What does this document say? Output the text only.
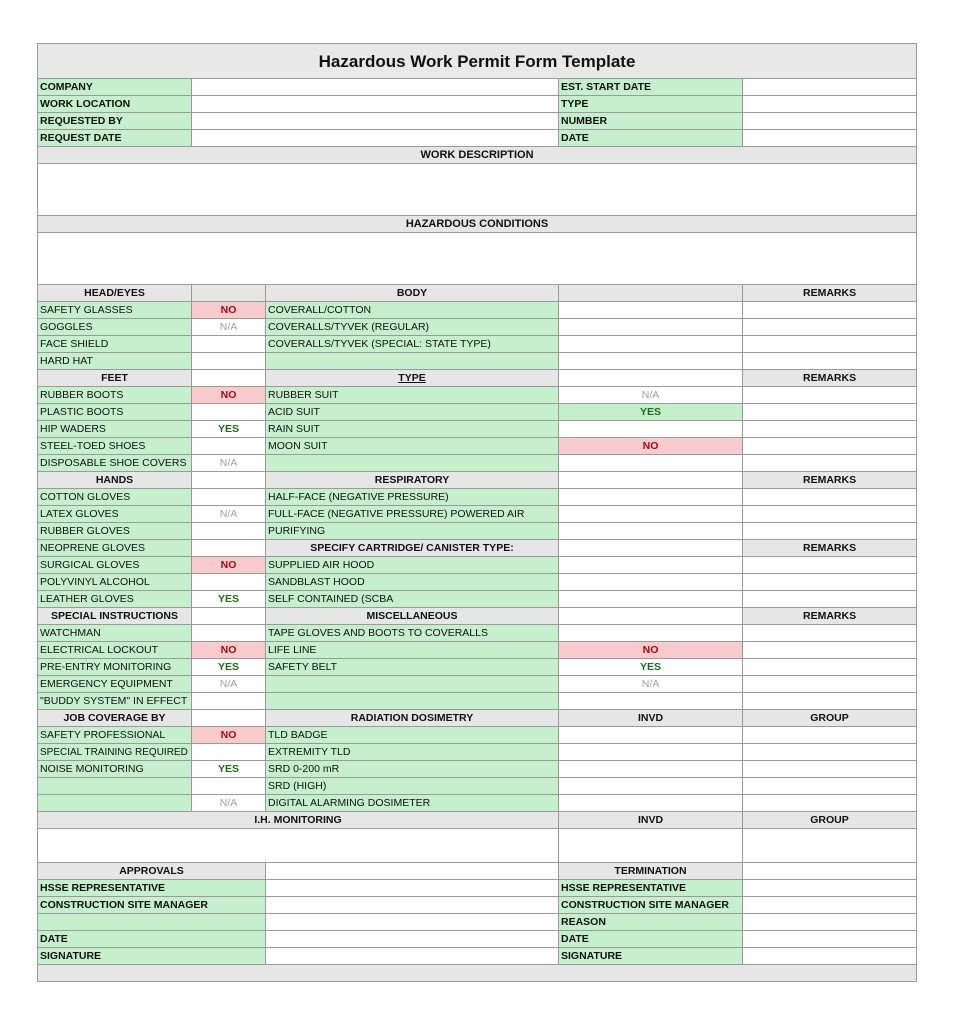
Hazardous Work Permit Form Template				
COMPANY			EST. START DATE	
WORK LOCATION			TYPE	
REQUESTED BY			NUMBER	
REQUEST DATE			DATE	
WORK DESCRIPTION				

HAZARDOUS CONDITIONS				

HEAD/EYES		BODY		REMARKS
SAFETY GLASSES	NO	COVERALL/COTTON		
GOGGLES	N/A	COVERALLS/TYVEK (REGULAR)		
FACE SHIELD		COVERALLS/TYVEK (SPECIAL: STATE TYPE)		
HARD HAT				
FEET		TYPE		REMARKS
RUBBER BOOTS	NO	RUBBER SUIT	N/A	
PLASTIC BOOTS		ACID SUIT	YES	
HIP WADERS	YES	RAIN SUIT		
STEEL-TOED SHOES		MOON SUIT	NO	
DISPOSABLE SHOE COVERS	N/A			
HANDS		RESPIRATORY		REMARKS
COTTON GLOVES		HALF-FACE (NEGATIVE PRESSURE)		
LATEX GLOVES	N/A	FULL-FACE (NEGATIVE PRESSURE) POWERED AIR		
RUBBER GLOVES		PURIFYING		
NEOPRENE GLOVES		SPECIFY CARTRIDGE/ CANISTER TYPE:		REMARKS
SURGICAL GLOVES	NO	SUPPLIED AIR HOOD		
POLYVINYL ALCOHOL		SANDBLAST HOOD		
LEATHER GLOVES	YES	SELF CONTAINED (SCBA		
SPECIAL INSTRUCTIONS		MISCELLANEOUS		REMARKS
WATCHMAN		TAPE GLOVES AND BOOTS TO COVERALLS		
ELECTRICAL LOCKOUT	NO	LIFE LINE	NO	
PRE-ENTRY MONITORING	YES	SAFETY BELT	YES	
EMERGENCY EQUIPMENT	N/A		N/A	
"BUDDY SYSTEM" IN EFFECT				
JOB COVERAGE BY		RADIATION DOSIMETRY	INVD	GROUP
SAFETY PROFESSIONAL	NO	TLD BADGE		
SPECIAL TRAINING REQUIRED		EXTREMITY TLD		
NOISE MONITORING	YES	SRD 0-200 mR		
		SRD (HIGH)		
	N/A	DIGITAL ALARMING DOSIMETER		
I.H. MONITORING			INVD	GROUP

APPROVALS			TERMINATION	
HSSE REPRESENTATIVE			HSSE REPRESENTATIVE	
CONSTRUCTION SITE MANAGER			CONSTRUCTION SITE MANAGER	
			REASON	
DATE			DATE	
SIGNATURE			SIGNATURE	
